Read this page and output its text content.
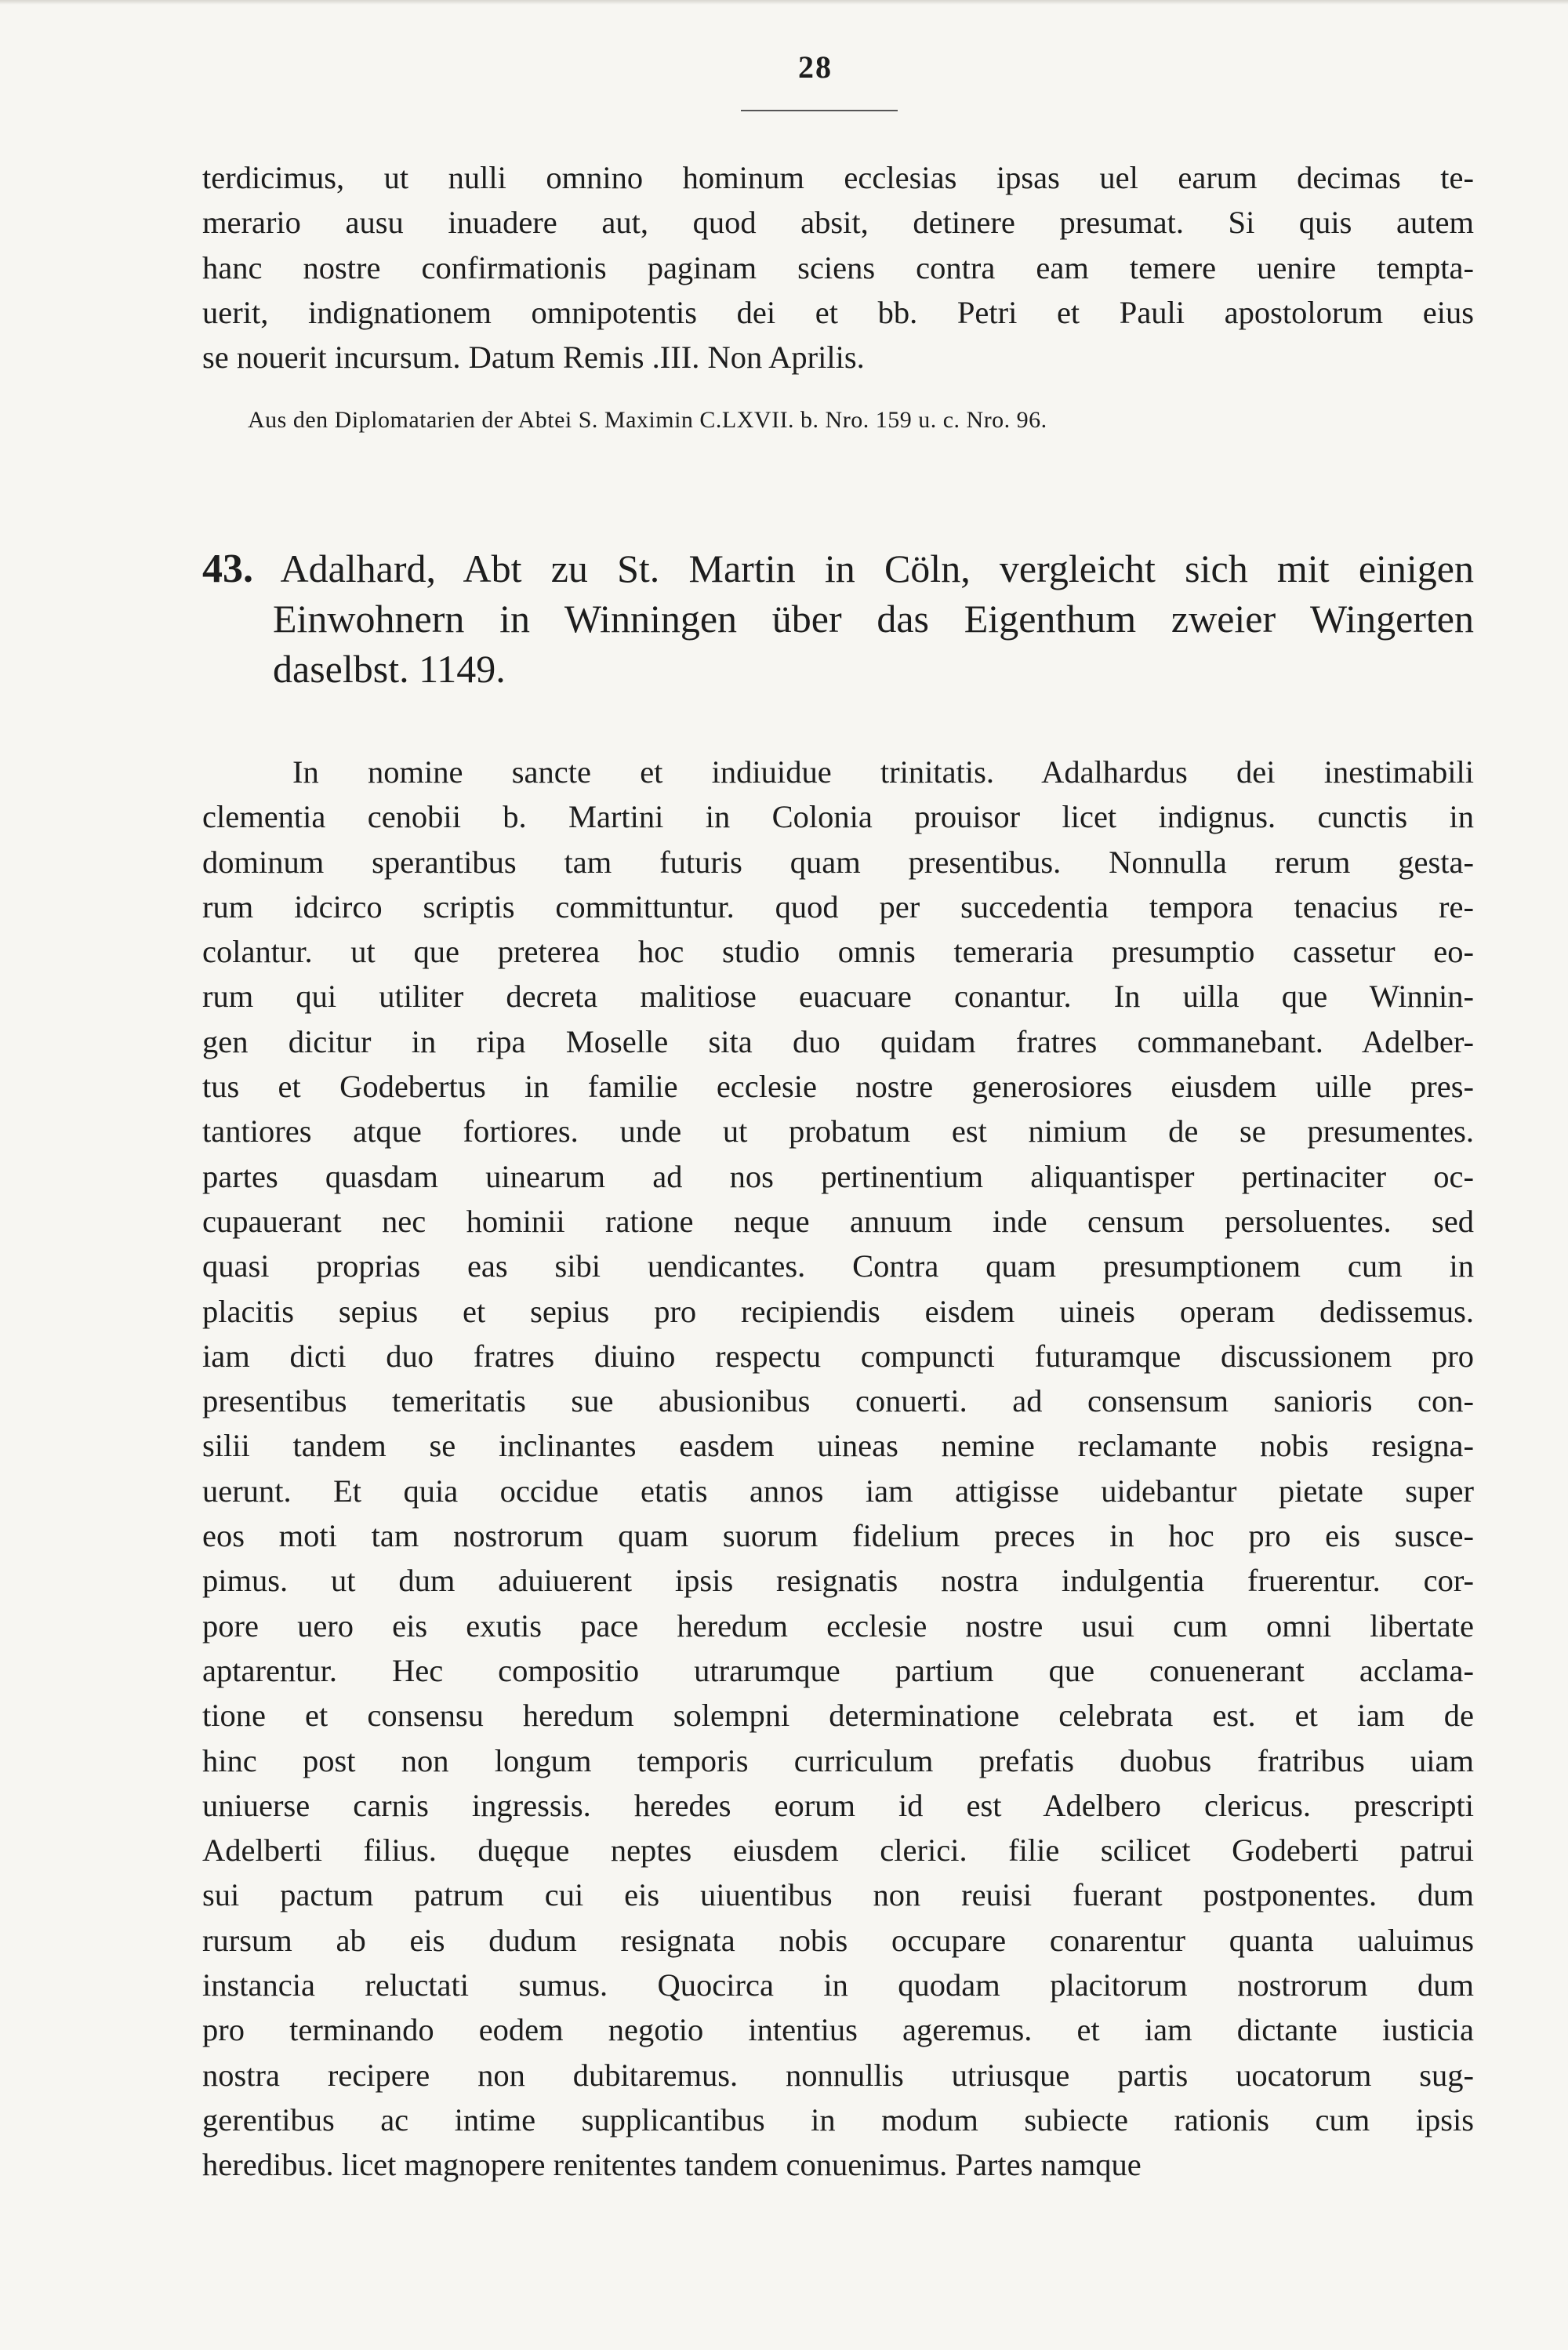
28
terdicimus, ut nulli omnino hominum ecclesias ipsas uel earum decimas te-
merario ausu inuadere aut, quod absit, detinere presumat. Si quis autem
hanc nostre confirmationis paginam sciens contra eam temere uenire tempta-
uerit, indignationem omnipotentis dei et bb. Petri et Pauli apostolorum eius
se nouerit incursum. Datum Remis .III. Non Aprilis.
Aus den Diplomatarien der Abtei S. Maximin C.LXVII. b. Nro. 159 u. c. Nro. 96.
43. Adalhard, Abt zu St. Martin in Cöln, vergleicht sich mit einigen
Einwohnern in Winningen über das Eigenthum zweier Wingerten
daselbst. 1149.
In nomine sancte et indiuidue trinitatis. Adalhardus dei inestimabili
clementia cenobii b. Martini in Colonia prouisor licet indignus. cunctis in
dominum sperantibus tam futuris quam presentibus. Nonnulla rerum gesta-
rum idcirco scriptis committuntur. quod per succedentia tempora tenacius re-
colantur. ut que preterea hoc studio omnis temeraria presumptio cassetur eo-
rum qui utiliter decreta malitiose euacuare conantur. In uilla que Winnin-
gen dicitur in ripa Moselle sita duo quidam fratres commanebant. Adelber-
tus et Godebertus in familie ecclesie nostre generosiores eiusdem uille pres-
tantiores atque fortiores. unde ut probatum est nimium de se presumentes.
partes quasdam uinearum ad nos pertinentium aliquantisper pertinaciter oc-
cupauerant nec hominii ratione neque annuum inde censum persoluentes. sed
quasi proprias eas sibi uendicantes. Contra quam presumptionem cum in
placitis sepius et sepius pro recipiendis eisdem uineis operam dedissemus.
iam dicti duo fratres diuino respectu compuncti futuramque discussionem pro
presentibus temeritatis sue abusionibus conuerti. ad consensum sanioris con-
silii tandem se inclinantes easdem uineas nemine reclamante nobis resigna-
uerunt. Et quia occidue etatis annos iam attigisse uidebantur pietate super
eos moti tam nostrorum quam suorum fidelium preces in hoc pro eis susce-
pimus. ut dum aduiuerent ipsis resignatis nostra indulgentia fruerentur. cor-
pore uero eis exutis pace heredum ecclesie nostre usui cum omni libertate
aptarentur. Hec compositio utrarumque partium que conuenerant acclama-
tione et consensu heredum solempni determinatione celebrata est. et iam de
hinc post non longum temporis curriculum prefatis duobus fratribus uiam
uniuerse carnis ingressis. heredes eorum id est Adelbero clericus. prescripti
Adelberti filius. duęque neptes eiusdem clerici. filie scilicet Godeberti patrui
sui pactum patrum cui eis uiuentibus non reuisi fuerant postponentes. dum
rursum ab eis dudum resignata nobis occupare conarentur quanta ualuimus
instancia reluctati sumus. Quocirca in quodam placitorum nostrorum dum
pro terminando eodem negotio intentius ageremus. et iam dictante iusticia
nostra recipere non dubitaremus. nonnullis utriusque partis uocatorum sug-
gerentibus ac intime supplicantibus in modum subiecte rationis cum ipsis
heredibus. licet magnopere renitentes tandem conuenimus. Partes namque
